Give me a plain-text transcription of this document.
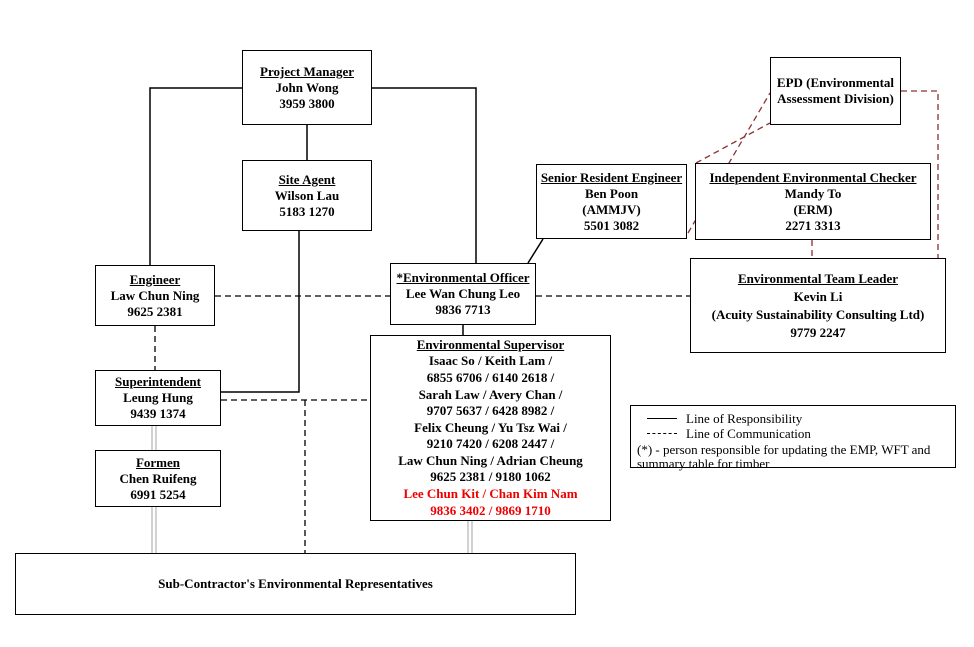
Project Manager
John Wong
3959 3800
Site Agent
Wilson Lau
5183 1270
Engineer
Law Chun Ning
9625 2381
*Environmental Officer
Lee Wan Chung Leo
9836 7713
Senior Resident Engineer
Ben Poon
(AMMJV)
5501 3082
EPD (Environmental
Assessment Division)
Independent Environmental Checker
Mandy To
(ERM)
2271 3313
Environmental Team Leader
Kevin Li
(Acuity Sustainability Consulting Ltd)
9779 2247
Superintendent
Leung Hung
9439 1374
Formen
Chen Ruifeng
6991 5254
Environmental Supervisor
Isaac So / Keith Lam /
6855 6706 / 6140 2618 /
Sarah Law / Avery Chan /
9707 5637 / 6428 8982 /
Felix Cheung / Yu Tsz Wai /
9210 7420 / 6208 2447 /
Law Chun Ning / Adrian Cheung
9625 2381 / 9180 1062
Lee Chun Kit / Chan Kim Nam
9836 3402 / 9869 1710
Sub-Contractor's Environmental Representatives
Line of Responsibility
Line of Communication
(*) - person responsible for updating the EMP, WFT and summary table for timber
